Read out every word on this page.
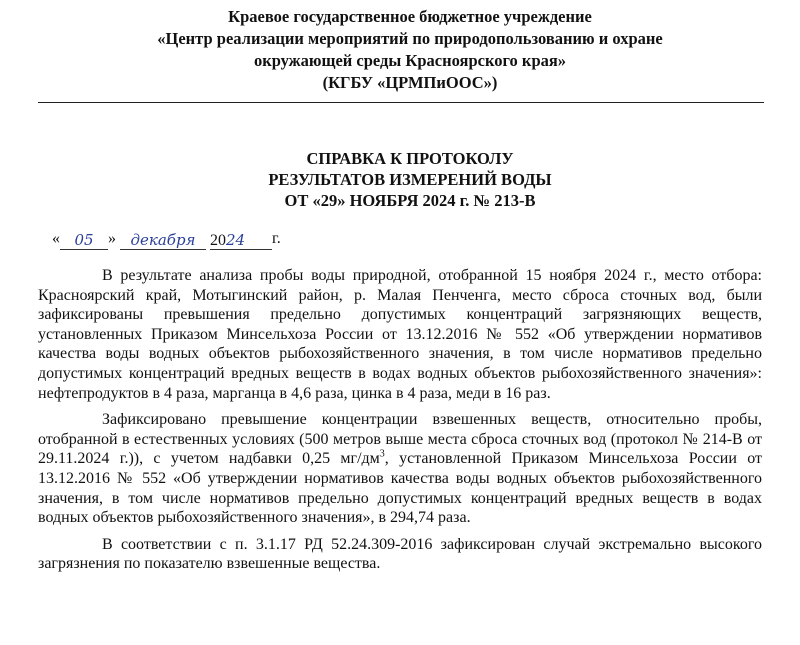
Краевое государственное бюджетное учреждение
«Центр реализации мероприятий по природопользованию и охране
окружающей среды Красноярского края»
(КГБУ «ЦРМПиООС»)
СПРАВКА К ПРОТОКОЛУ
РЕЗУЛЬТАТОВ ИЗМЕРЕНИЙ ВОДЫ
ОТ «29» НОЯБРЯ 2024 г. № 213-В
« 05 » декабря 2024 г.

В результате анализа пробы воды природной, отобранной 15 ноября 2024 г., место отбора: Красноярский край, Мотыгинский район, р. Малая Пенченга, место сброса сточных вод, были зафиксированы превышения предельно допустимых концентраций загрязняющих веществ, установленных Приказом Минсельхоза России от 13.12.2016 № 552 «Об утверждении нормативов качества воды водных объектов рыбохозяйственного значения, в том числе нормативов предельно допустимых концентраций вредных веществ в водах водных объектов рыбохозяйственного значения»: нефтепродуктов в 4 раза, марганца в 4,6 раза, цинка в 4 раза, меди в 16 раз.

Зафиксировано превышение концентрации взвешенных веществ, относительно пробы, отобранной в естественных условиях (500 метров выше места сброса сточных вод (протокол № 214-В от 29.11.2024 г.)), с учетом надбавки 0,25 $мг/дм^3$, установленной Приказом Минсельхоза России от 13.12.2016 № 552 «Об утверждении нормативов качества воды водных объектов рыбохозяйственного значения, в том числе нормативов предельно допустимых концентраций вредных веществ в водах водных объектов рыбохозяйственного значения», в 294,74 раза.

В соответствии с п. 3.1.17 РД 52.24.309-2016 зафиксирован случай экстремально высокого загрязнения по показателю взвешенные вещества.
